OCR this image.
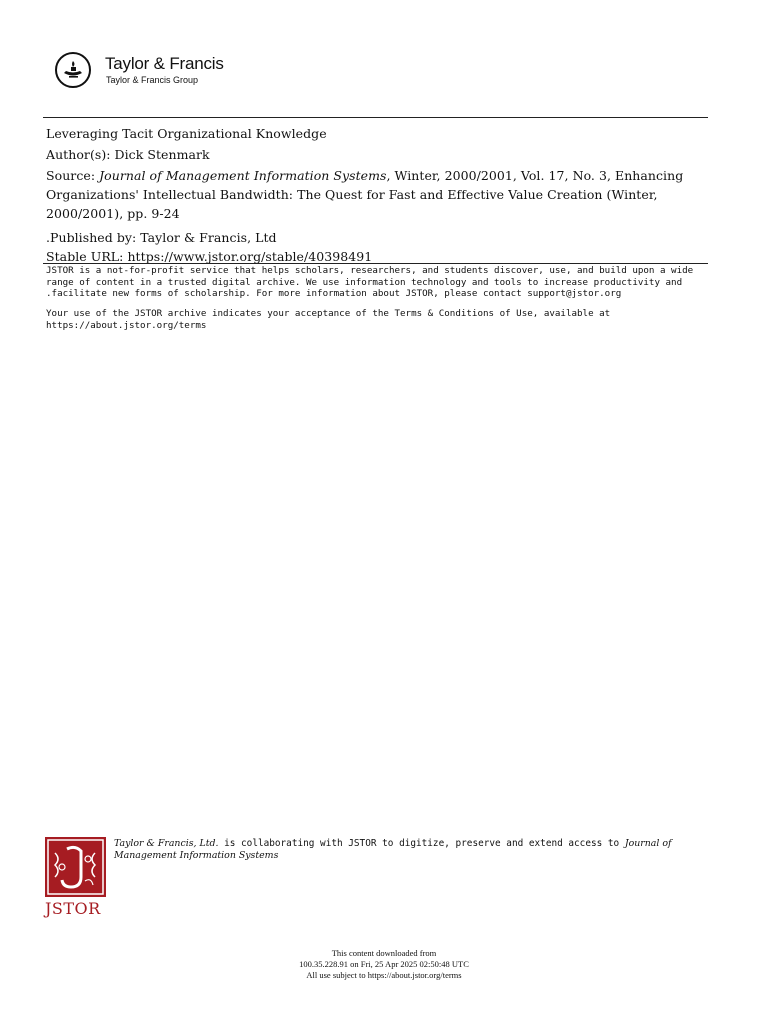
Taylor & Francis
Taylor & Francis Group
Leveraging Tacit Organizational Knowledge
Author(s): Dick Stenmark
Source: Journal of Management Information Systems, Winter, 2000/2001, Vol. 17, No. 3, Enhancing Organizations' Intellectual Bandwidth: The Quest for Fast and Effective Value Creation (Winter, 2000/2001), pp. 9-24
.Published by: Taylor & Francis, Ltd
Stable URL: https://www.jstor.org/stable/40398491
JSTOR is a not-for-profit service that helps scholars, researchers, and students discover, use, and build upon a wide range of content in a trusted digital archive. We use information technology and tools to increase productivity and .facilitate new forms of scholarship. For more information about JSTOR, please contact support@jstor.org
Your use of the JSTOR archive indicates your acceptance of the Terms & Conditions of Use, available at https://about.jstor.org/terms
JSTOR
Taylor & Francis, Ltd. is collaborating with JSTOR to digitize, preserve and extend access to Journal of Management Information Systems
This content downloaded from
100.35.228.91 on Fri, 25 Apr 2025 02:50:48 UTC
All use subject to https://about.jstor.org/terms
